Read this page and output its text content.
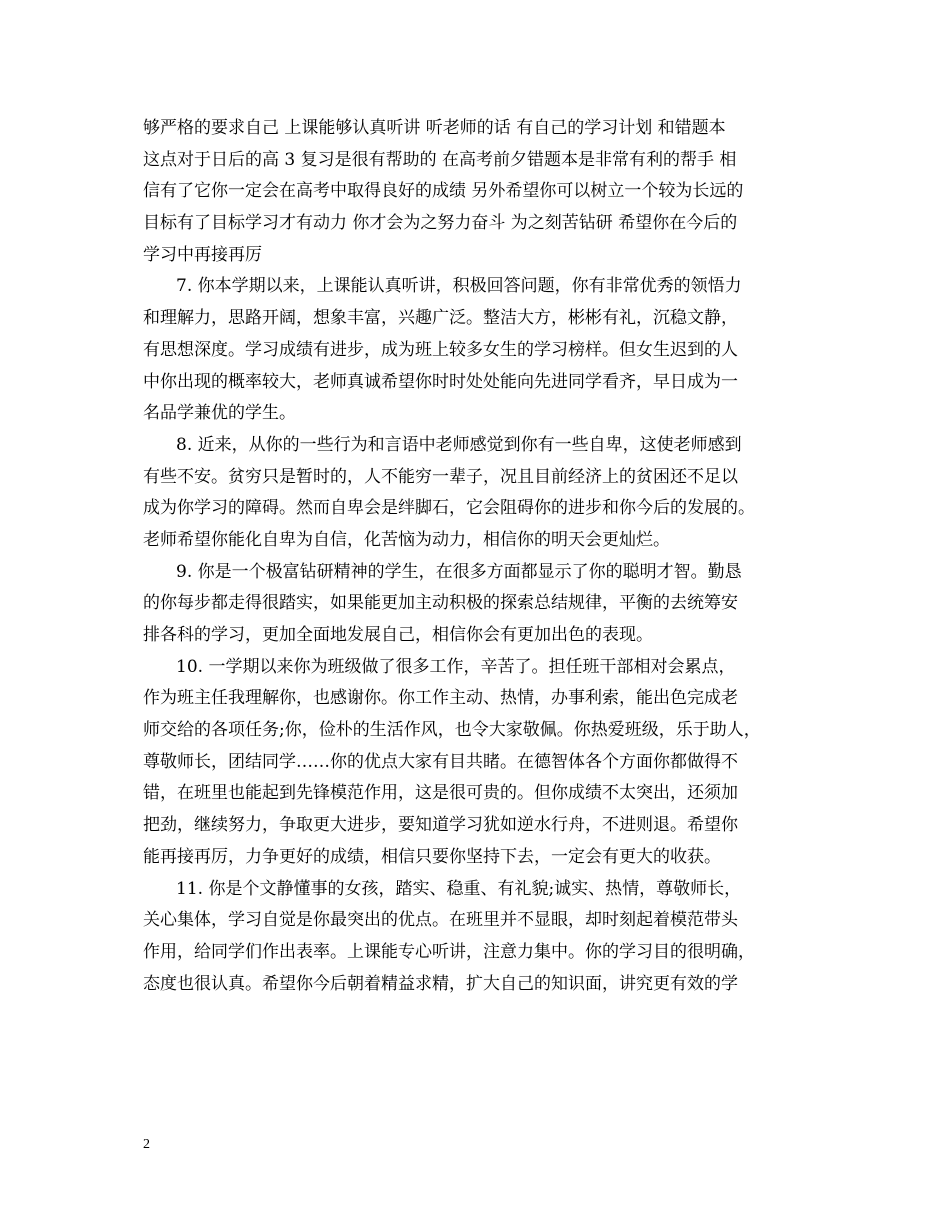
够严格的要求自己 上课能够认真听讲 听老师的话 有自己的学习计划 和错题本
这点对于日后的高 3 复习是很有帮助的 在高考前夕错题本是非常有利的帮手 相
信有了它你一定会在高考中取得良好的成绩 另外希望你可以树立一个较为长远的
目标有了目标学习才有动力 你才会为之努力奋斗 为之刻苦钻研 希望你在今后的
学习中再接再厉
7. 你本学期以来，上课能认真听讲，积极回答问题，你有非常优秀的领悟力
和理解力，思路开阔，想象丰富，兴趣广泛。整洁大方，彬彬有礼，沉稳文静，
有思想深度。学习成绩有进步，成为班上较多女生的学习榜样。但女生迟到的人
中你出现的概率较大，老师真诚希望你时时处处能向先进同学看齐，早日成为一
名品学兼优的学生。
8. 近来，从你的一些行为和言语中老师感觉到你有一些自卑，这使老师感到
有些不安。贫穷只是暂时的，人不能穷一辈子，况且目前经济上的贫困还不足以
成为你学习的障碍。然而自卑会是绊脚石，它会阻碍你的进步和你今后的发展的。
老师希望你能化自卑为自信，化苦恼为动力，相信你的明天会更灿烂。
9. 你是一个极富钻研精神的学生，在很多方面都显示了你的聪明才智。勤恳
的你每步都走得很踏实，如果能更加主动积极的探索总结规律，平衡的去统筹安
排各科的学习，更加全面地发展自己，相信你会有更加出色的表现。
10. 一学期以来你为班级做了很多工作，辛苦了。担任班干部相对会累点，
作为班主任我理解你，也感谢你。你工作主动、热情，办事利索，能出色完成老
师交给的各项任务;你，俭朴的生活作风，也令大家敬佩。你热爱班级，乐于助人，
尊敬师长，团结同学……你的优点大家有目共睹。在德智体各个方面你都做得不
错，在班里也能起到先锋模范作用，这是很可贵的。但你成绩不太突出，还须加
把劲，继续努力，争取更大进步，要知道学习犹如逆水行舟，不进则退。希望你
能再接再厉，力争更好的成绩，相信只要你坚持下去，一定会有更大的收获。
11. 你是个文静懂事的女孩，踏实、稳重、有礼貌;诚实、热情，尊敬师长，
关心集体，学习自觉是你最突出的优点。在班里并不显眼，却时刻起着模范带头
作用，给同学们作出表率。上课能专心听讲，注意力集中。你的学习目的很明确，
态度也很认真。希望你今后朝着精益求精，扩大自己的知识面，讲究更有效的学
2
